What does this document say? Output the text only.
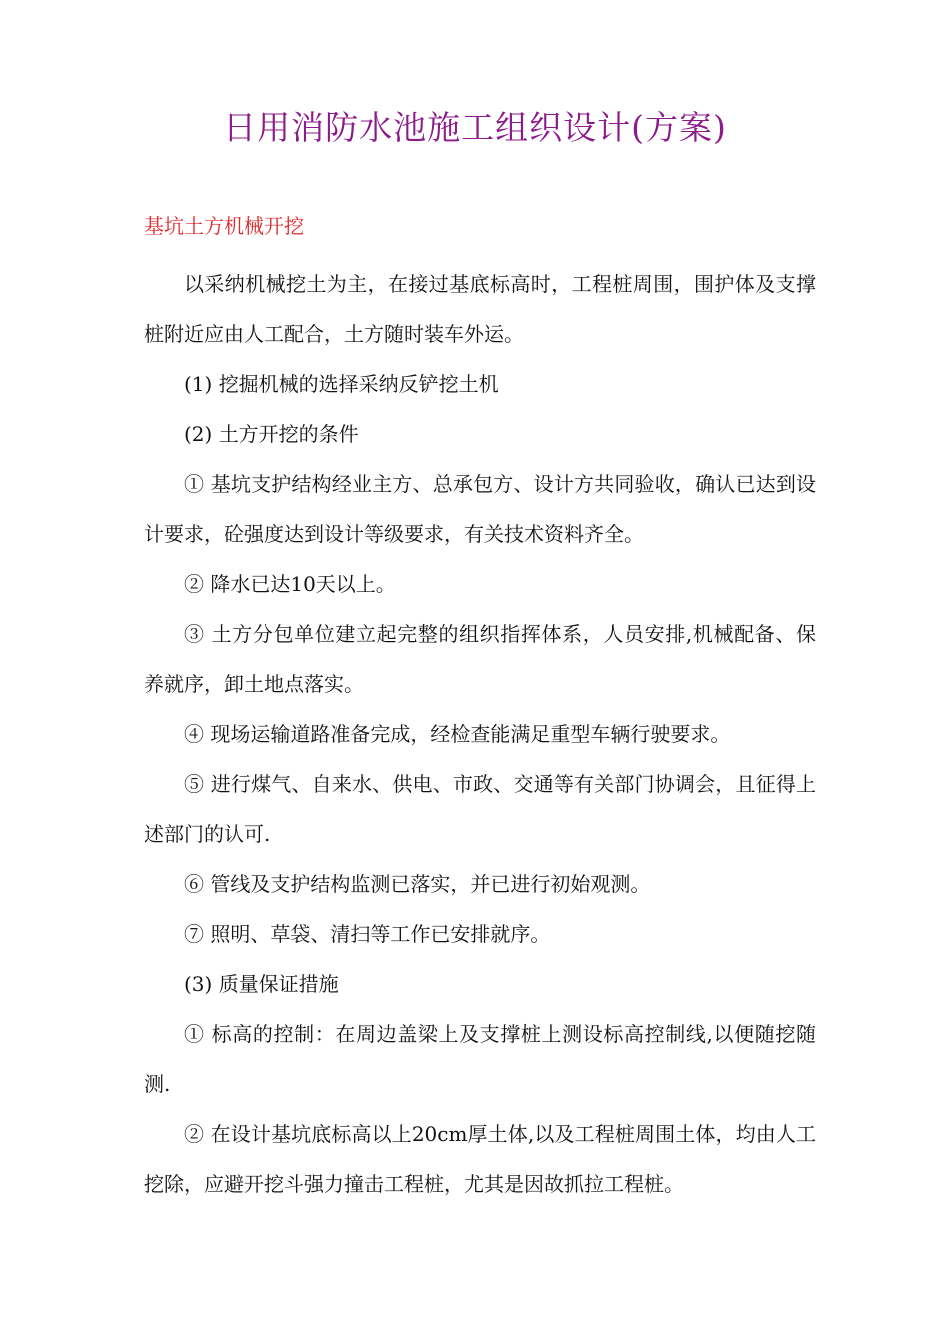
日用消防水池施工组织设计(方案)
基坑土方机械开挖

以采纳机械挖土为主，在接过基底标高时，工程桩周围，围护体及支撑桩附近应由人工配合，土方随时装车外运。

(1) 挖掘机械的选择采纳反铲挖土机

(2) 土方开挖的条件

① 基坑支护结构经业主方、总承包方、设计方共同验收，确认已达到设计要求，砼强度达到设计等级要求，有关技术资料齐全。

② 降水已达10天以上。

③ 土方分包单位建立起完整的组织指挥体系，人员安排,机械配备、保养就序，卸土地点落实。

④ 现场运输道路准备完成，经检查能满足重型车辆行驶要求。

⑤ 进行煤气、自来水、供电、市政、交通等有关部门协调会，且征得上述部门的认可.

⑥ 管线及支护结构监测已落实，并已进行初始观测。

⑦ 照明、草袋、清扫等工作已安排就序。

(3) 质量保证措施

① 标高的控制：在周边盖梁上及支撑桩上测设标高控制线,以便随挖随测.

② 在设计基坑底标高以上20cm厚土体,以及工程桩周围土体，均由人工挖除，应避开挖斗强力撞击工程桩，尤其是因故抓拉工程桩。
